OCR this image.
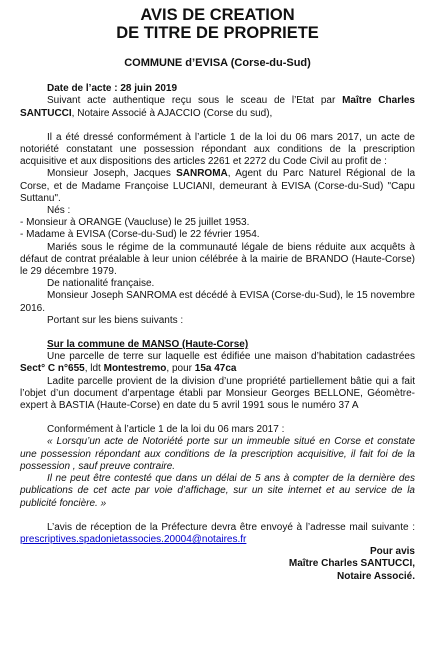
AVIS DE CREATION
DE TITRE DE PROPRIETE
COMMUNE d’EVISA (Corse-du-Sud)

Date de l’acte : 28 juin 2019

Suivant acte authentique reçu sous le sceau de l’Etat par Maître Charles SANTUCCI, Notaire Associé à AJACCIO (Corse du sud),

Il a été dressé conformément à l’article 1 de la loi du 06 mars 2017, un acte de notoriété constatant une possession répondant aux conditions de la prescription acquisitive et aux dispositions des articles 2261 et 2272 du Code Civil au profit de :

Monsieur Joseph, Jacques SANROMA, Agent du Parc Naturel Régional de la Corse, et de Madame Françoise LUCIANI, demeurant à EVISA (Corse-du-Sud) "Capu Suttanu".

Nés :

- Monsieur à ORANGE (Vaucluse) le 25 juillet 1953.

- Madame à EVISA (Corse-du-Sud) le 22 février 1954.

Mariés sous le régime de la communauté légale de biens réduite aux acquêts à défaut de contrat préalable à leur union célébrée à la mairie de BRANDO (Haute-Corse) le 29 décembre 1979.

De nationalité française.

Monsieur Joseph SANROMA est décédé à EVISA (Corse-du-Sud), le 15 novembre 2016.

Portant sur les biens suivants :

Sur la commune de MANSO (Haute-Corse)

Une parcelle de terre sur laquelle est édifiée une maison d’habitation cadastrées Sect° C n°655, ldt Montestremo, pour 15a 47ca

Ladite parcelle provient de la division d’une propriété partiellement bâtie qui a fait l’objet d’un document d’arpentage établi par Monsieur Georges BELLONE, Géomètre-expert à BASTIA (Haute-Corse) en date du 5 avril 1991 sous le numéro 37 A

Conformément à l’article 1 de la loi du 06 mars 2017 :

« Lorsqu’un acte de Notoriété porte sur un immeuble situé en Corse et constate une possession répondant aux conditions de la prescription acquisitive, il fait foi de la possession , sauf preuve contraire.

Il ne peut être contesté que dans un délai de 5 ans à compter de la dernière des publications de cet acte par voie d’affichage, sur un site internet et au service de la publicité foncière. »

L’avis de réception de la Préfecture devra être envoyé à l’adresse mail suivante : prescriptives.spadonietassocies.20004@notaires.fr

Pour avis
Maître Charles SANTUCCI,
Notaire Associé.
